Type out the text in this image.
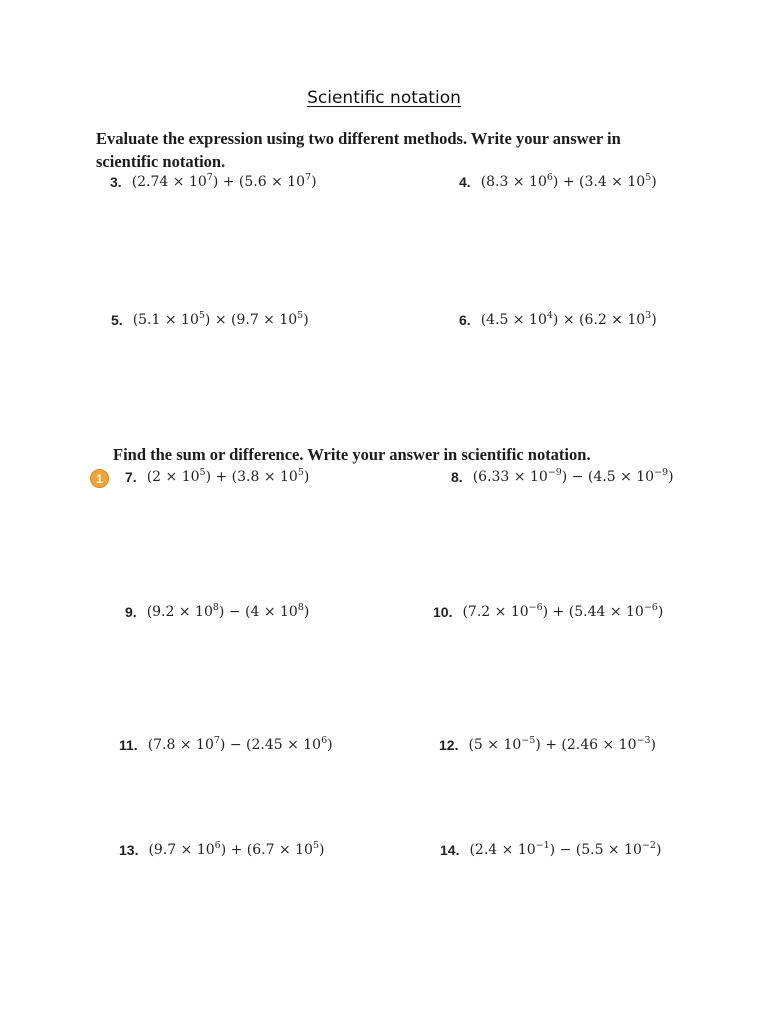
Scientific notation
Evaluate the expression using two different methods. Write your answer in scientific notation.
3. $(2.74 \times 10^7) + (5.6 \times 10^7)$	4. $(8.3 \times 10^6) + (3.4 \times 10^5)$
5. $(5.1 \times 10^5) \times (9.7 \times 10^5)$	6. $(4.5 \times 10^4) \times (6.2 \times 10^3)$
Find the sum or difference. Write your answer in scientific notation.
1	7. $(2 \times 10^5) + (3.8 \times 10^5)$	8. $(6.33 \times 10^{-9}) - (4.5 \times 10^{-9})$
9. $(9.2 \times 10^8) - (4 \times 10^8)$	10. $(7.2 \times 10^{-6}) + (5.44 \times 10^{-6})$
11. $(7.8 \times 10^7) - (2.45 \times 10^6)$	12. $(5 \times 10^{-5}) + (2.46 \times 10^{-3})$
13. $(9.7 \times 10^6) + (6.7 \times 10^5)$	14. $(2.4 \times 10^{-1}) - (5.5 \times 10^{-2})$
